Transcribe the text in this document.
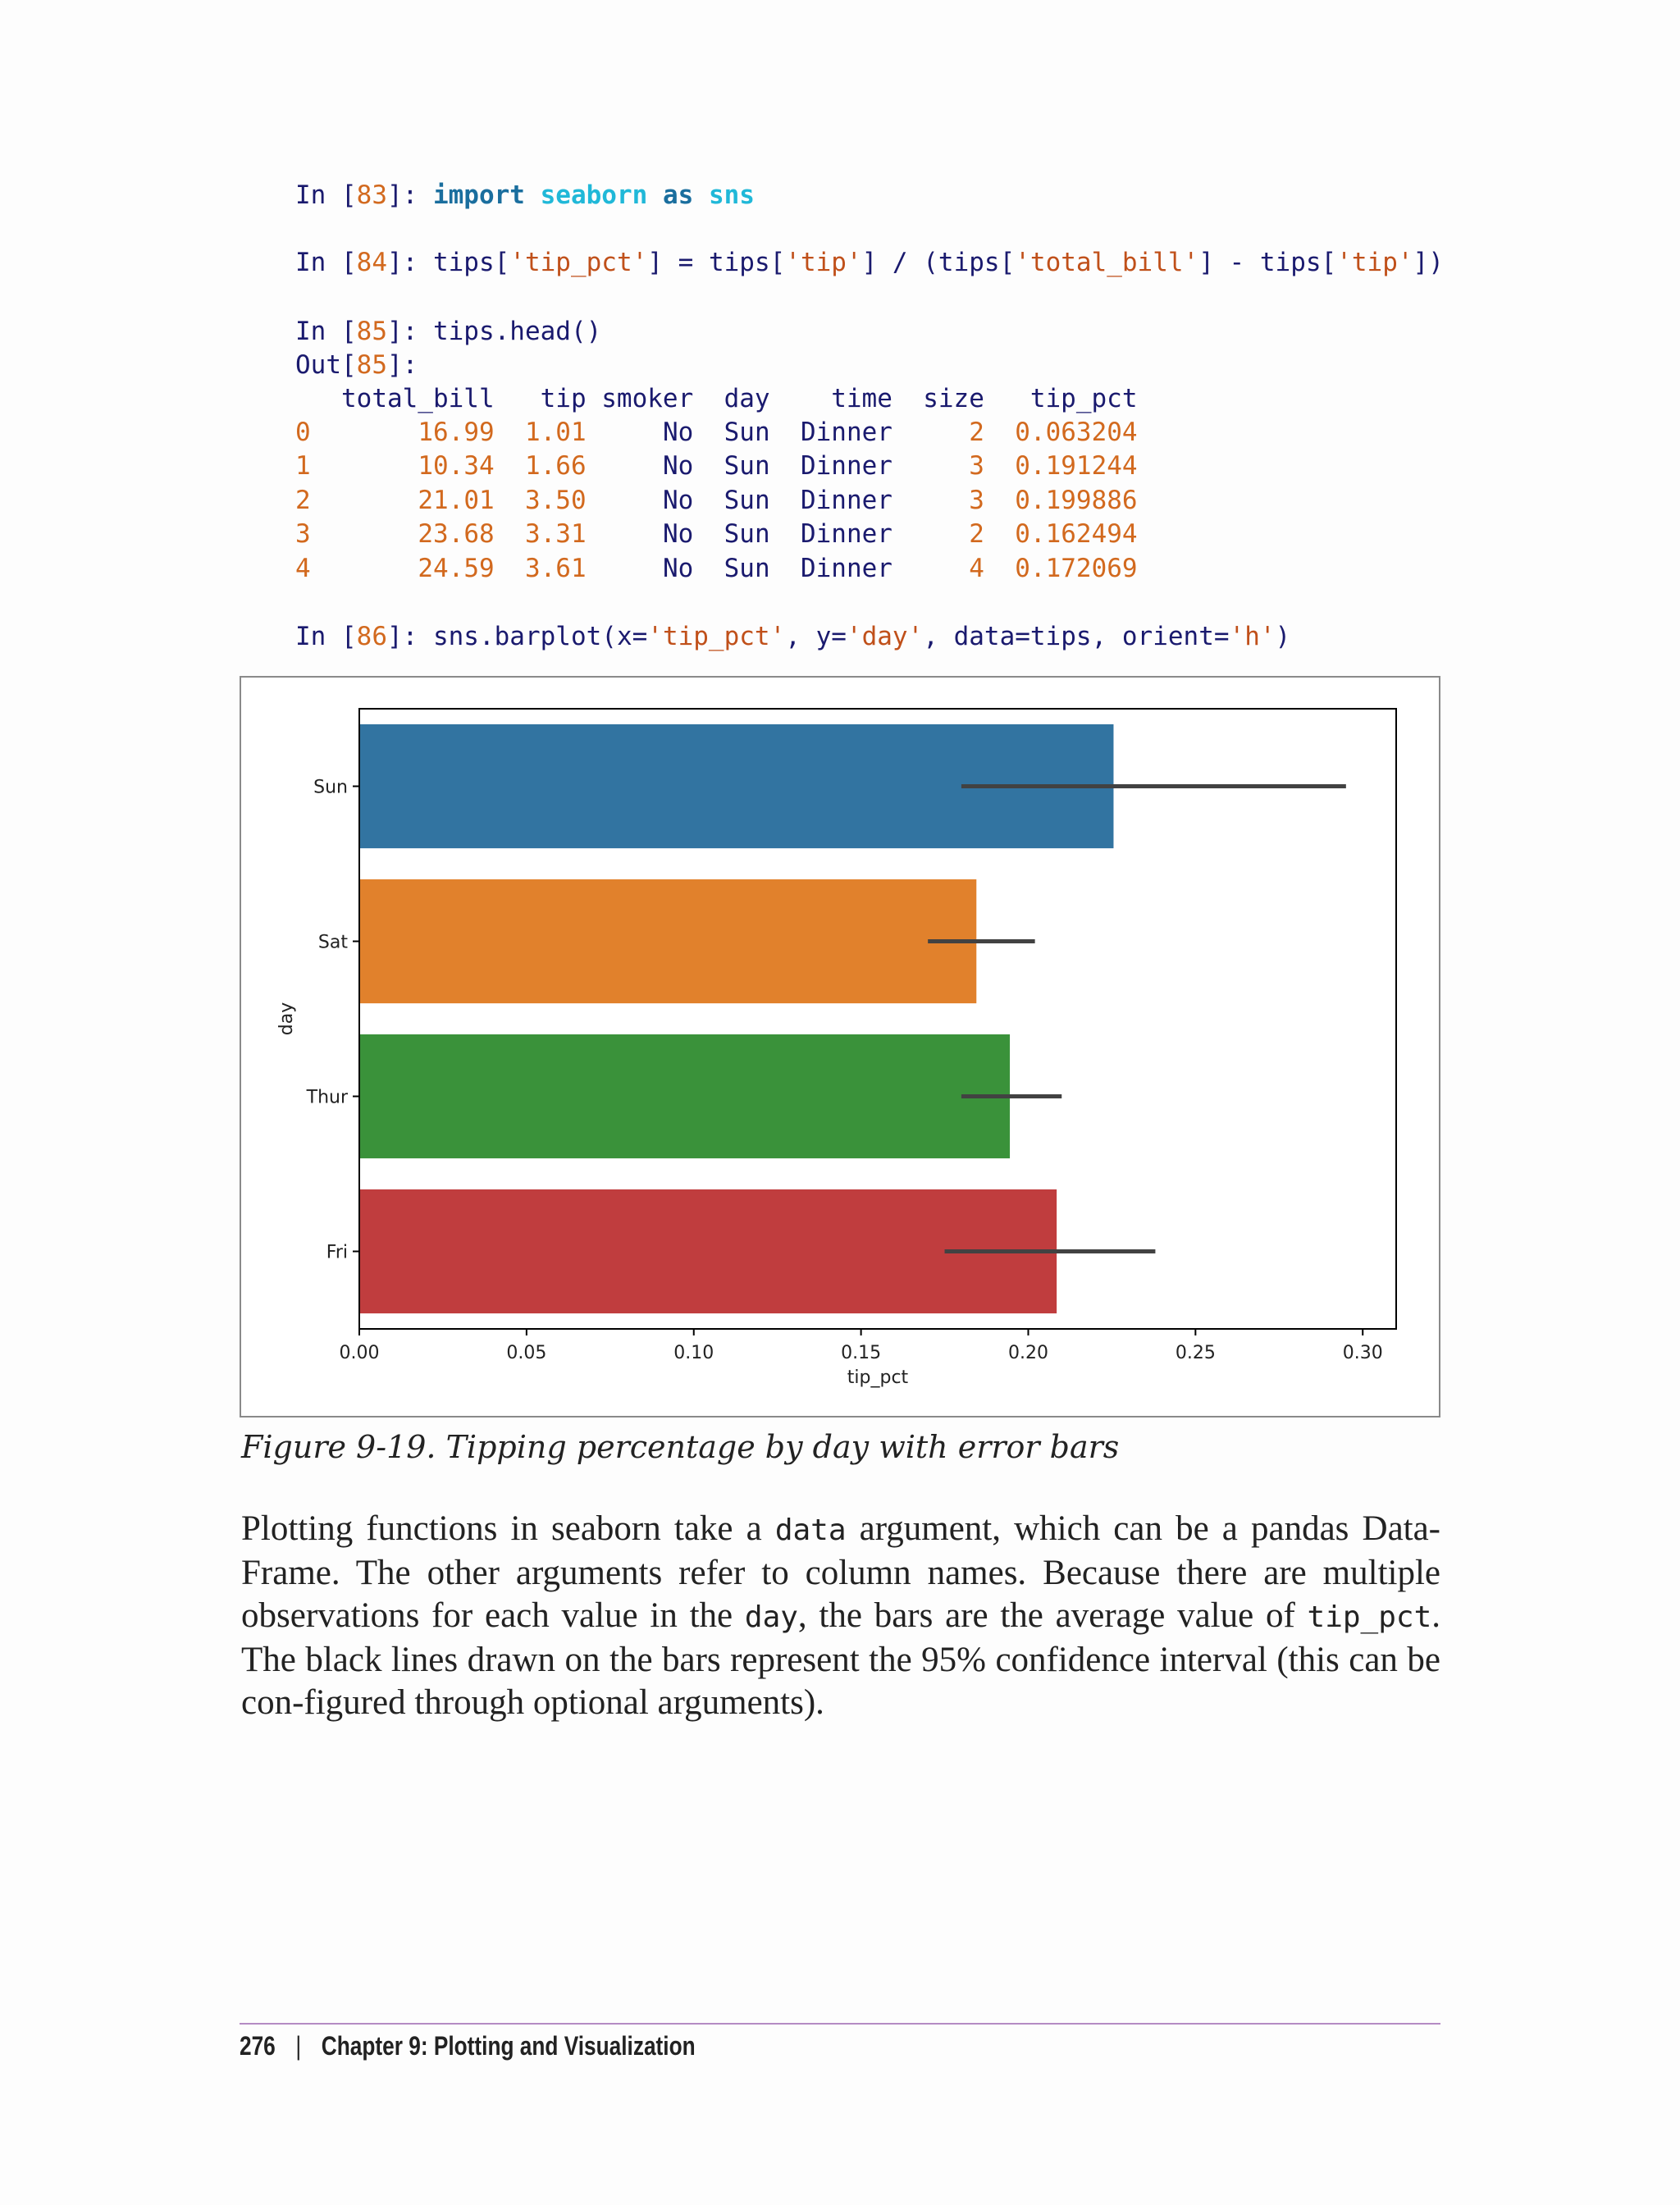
In [83]: import seaborn as sns
In [84]: tips['tip_pct'] = tips['tip'] / (tips['total_bill'] - tips['tip'])
In [85]: tips.head()
Out[85]:
total_bill   tip smoker  day    time  size   tip_pct
0	16.99 1.01     No  Sun  Dinner	2 0.063204
1	10.34 1.66     No  Sun  Dinner	3 0.191244
2	21.01 3.50     No  Sun  Dinner	3 0.199886
3	23.68 3.31     No  Sun  Dinner	2 0.162494
4	24.59 3.61     No  Sun  Dinner	4 0.172069
In [86]: sns.barplot(x='tip_pct', y='day', data=tips, orient='h')
Sun
Sat
Thur
Fri
0.00	0.05	0.10	0.15	0.20	0.25	0.30
tip_pct
day
Figure 9-19. Tipping percentage by day with error bars
Plotting functions in seaborn take a data argument, which can be a pandas Data-Frame. The other arguments refer to column names. Because there are multiple observations for each value in the day, the bars are the average value of tip_pct. The black lines drawn on the bars represent the 95% confidence interval (this can be con-figured through optional arguments).
276 | Chapter 9: Plotting and Visualization
